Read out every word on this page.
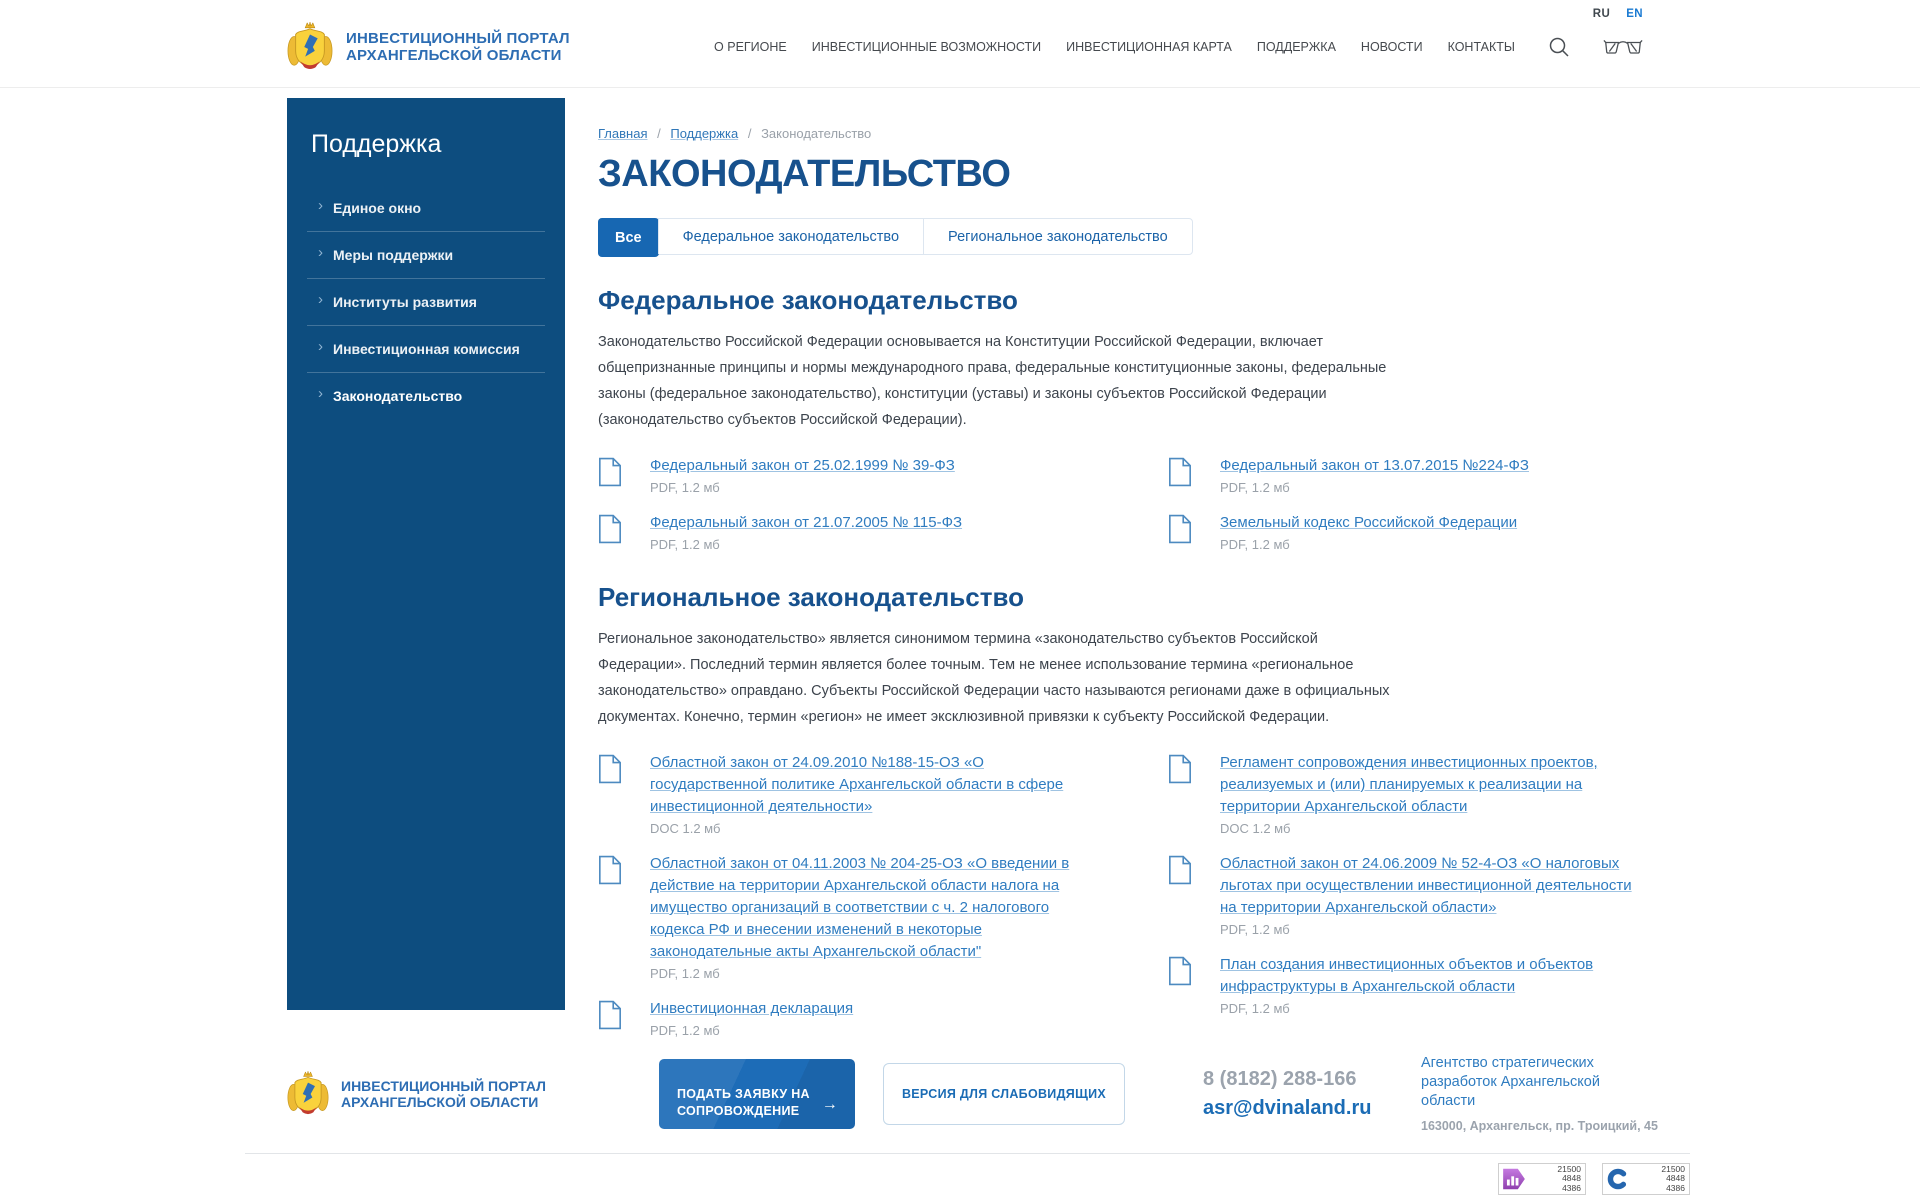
RU EN
ИНВЕСТИЦИОННЫЙ ПОРТАЛ
АРХАНГЕЛЬСКОЙ ОБЛАСТИ	О РЕГИОНЕ ИНВЕСТИЦИОННЫЕ ВОЗМОЖНОСТИ ИНВЕСТИЦИОННАЯ КАРТА ПОДДЕРЖКА НОВОСТИ КОНТАКТЫ
Поддержка
› Единое окно
› Меры поддержки
› Институты развития
› Инвестиционная комиссия
› Законодательство
Главная / Поддержка / Законодательство
ЗАКОНОДАТЕЛЬСТВО
Все	Федеральное законодательство	Региональное законодательство
Федеральное законодательство

Законодательство Российской Федерации основывается на Конституции Российской Федерации, включает общепризнанные принципы и нормы международного права, федеральные конституционные законы, федеральные законы (федеральное законодательство), конституции (уставы) и законы субъектов Российской Федерации (законодательство субъектов Российской Федерации).

Федеральный закон от 25.02.1999 № 39-ФЗ
PDF, 1.2 мб
Федеральный закон от 21.07.2005 № 115-ФЗ
PDF, 1.2 мб
Федеральный закон от 13.07.2015 №224-ФЗ
PDF, 1.2 мб
Земельный кодекс Российской Федерации
PDF, 1.2 мб
Региональное законодательство

Региональное законодательство» является синонимом термина «законодательство субъектов Российской Федерации». Последний термин является более точным. Тем не менее использование термина «региональное законодательство» оправдано. Субъекты Российской Федерации часто называются регионами даже в официальных документах. Конечно, термин «регион» не имеет эксклюзивной привязки к субъекту Российской Федерации.

Областной закон от 24.09.2010 №188-15-ОЗ «О государственной политике Архангельской области в сфере инвестиционной деятельности»
DOC 1.2 мб
Областной закон от 04.11.2003 № 204-25-ОЗ «О введении в действие на территории Архангельской области налога на имущество организаций в соответствии с ч. 2 налогового кодекса РФ и внесении изменений в некоторые законодательные акты Архангельской области"
PDF, 1.2 мб
Инвестиционная декларация
PDF, 1.2 мб
Регламент сопровождения инвестиционных проектов, реализуемых и (или) планируемых к реализации на территории Архангельской области
DOC 1.2 мб
Областной закон от 24.06.2009 № 52-4-ОЗ «О налоговых льготах при осуществлении инвестиционной деятельности на территории Архангельской области»
PDF, 1.2 мб
План создания инвестиционных объектов и объектов инфраструктуры в Архангельской области
PDF, 1.2 мб
ИНВЕСТИЦИОННЫЙ ПОРТАЛ
АРХАНГЕЛЬСКОЙ ОБЛАСТИ	ПОДАТЬ ЗАЯВКУ НА СОПРОВОЖДЕНИЕ →
ВЕРСИЯ ДЛЯ СЛАБОВИДЯЩИХ
8 (8182) 288-166
asr@dvinaland.ru
Агентство стратегических разработок Архангельской области
163000, Архангельск, пр. Троицкий, 45
21500
4848
4386
21500
4848
4386
